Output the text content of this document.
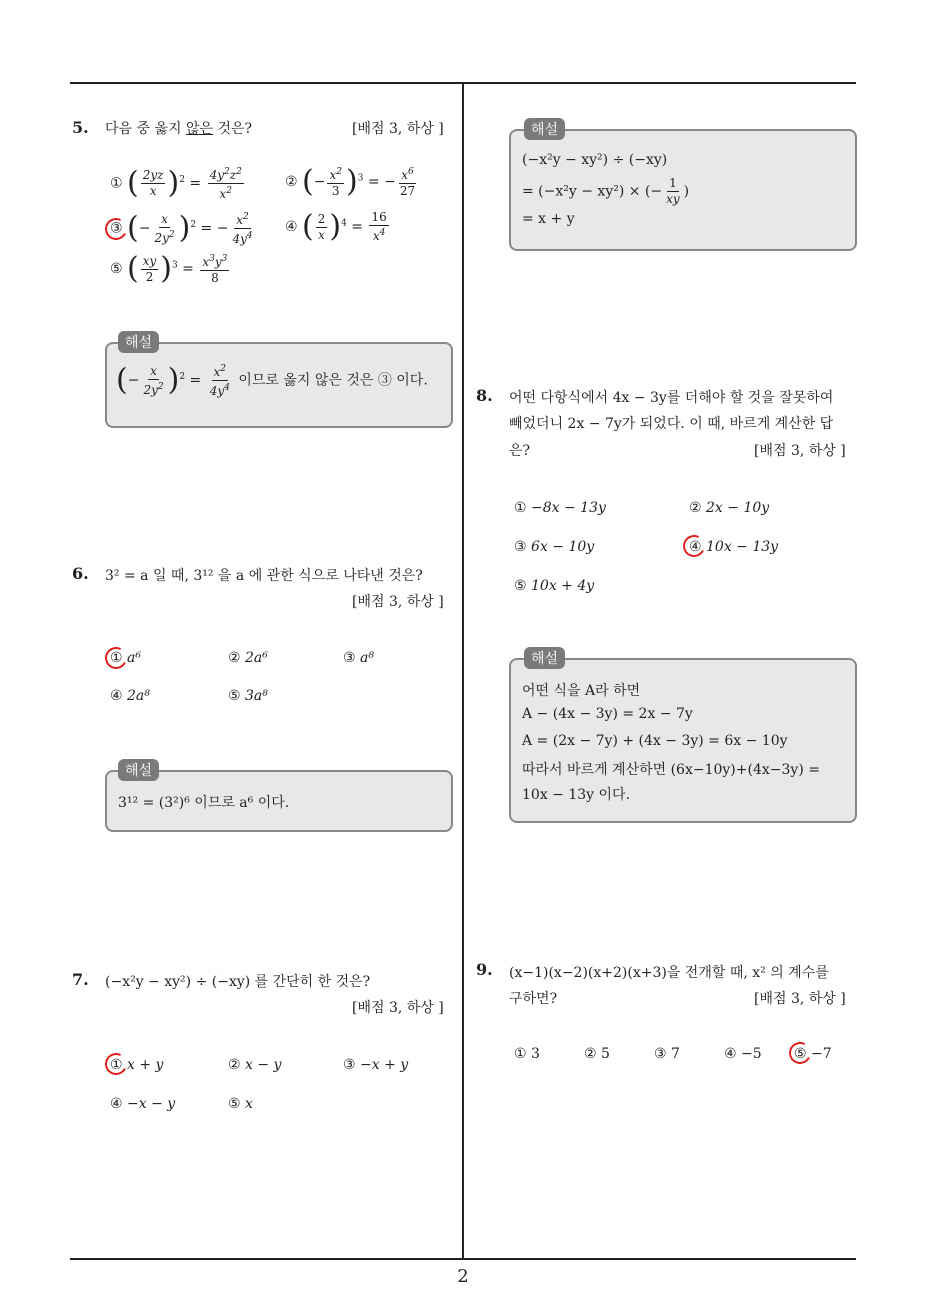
2
5. 다음 중 옳지 않은 것은?	[배점 3, 하상 ]
① ( $\frac{2yz}{x} )^2 = \frac{4y^2z^2}{x^2}$	② (− $\frac{x^2}{3} )^3$ = − $\frac{x^6}{27}$
③ (− $\frac{x}{2y^2} )^2$ = − $\frac{x^2}{4y^4}$ ④ ( $\frac{2}{x} )^4 = \frac{16}{x^4}$
⑤ ( $\frac{xy}{2} )^3 = \frac{x^3y^3}{8}$
해설
(− $\frac{x}{2y^2} )^2 = \frac{x^2}{4y^4}$ 이므로 옳지 않은 것은 ③ 이다.
6. 3² = a 일 때, 3¹² 을 a 에 관한 식으로 나타낸 것은?
[배점 3, 하상 ]
① a⁶	② 2a⁶	③ a⁸
④ 2a⁸	⑤ 3a⁸
해설
3¹² = (3²)⁶ 이므로 a⁶ 이다.
7. (−x²y − xy²) ÷ (−xy) 를 간단히 한 것은?
[배점 3, 하상 ]
① x + y	② x − y	③ −x + y
④ −x − y	⑤ x
해설
(−x²y − xy²) ÷ (−xy)
= (−x²y − xy²) × (− $\frac{1}{xy}$ )
= x + y
8. 어떤 다항식에서 4x − 3y를 더해야 할 것을 잘못하여
빼었더니 2x − 7y가 되었다. 이 때, 바르게 계산한 답
은?	[배점 3, 하상 ]
① −8x − 13y	② 2x − 10y
③ 6x − 10y	④ 10x − 13y
⑤ 10x + 4y
해설
어떤 식을 A라 하면
A − (4x − 3y) = 2x − 7y
A = (2x − 7y) + (4x − 3y) = 6x − 10y
따라서 바르게 계산하면 (6x−10y)+(4x−3y) =
10x − 13y 이다.
9. (x−1)(x−2)(x+2)(x+3)을 전개할 때, x² 의 계수를
구하면?	[배점 3, 하상 ]
① 3	② 5	③ 7	④ −5 ⑤ −7
